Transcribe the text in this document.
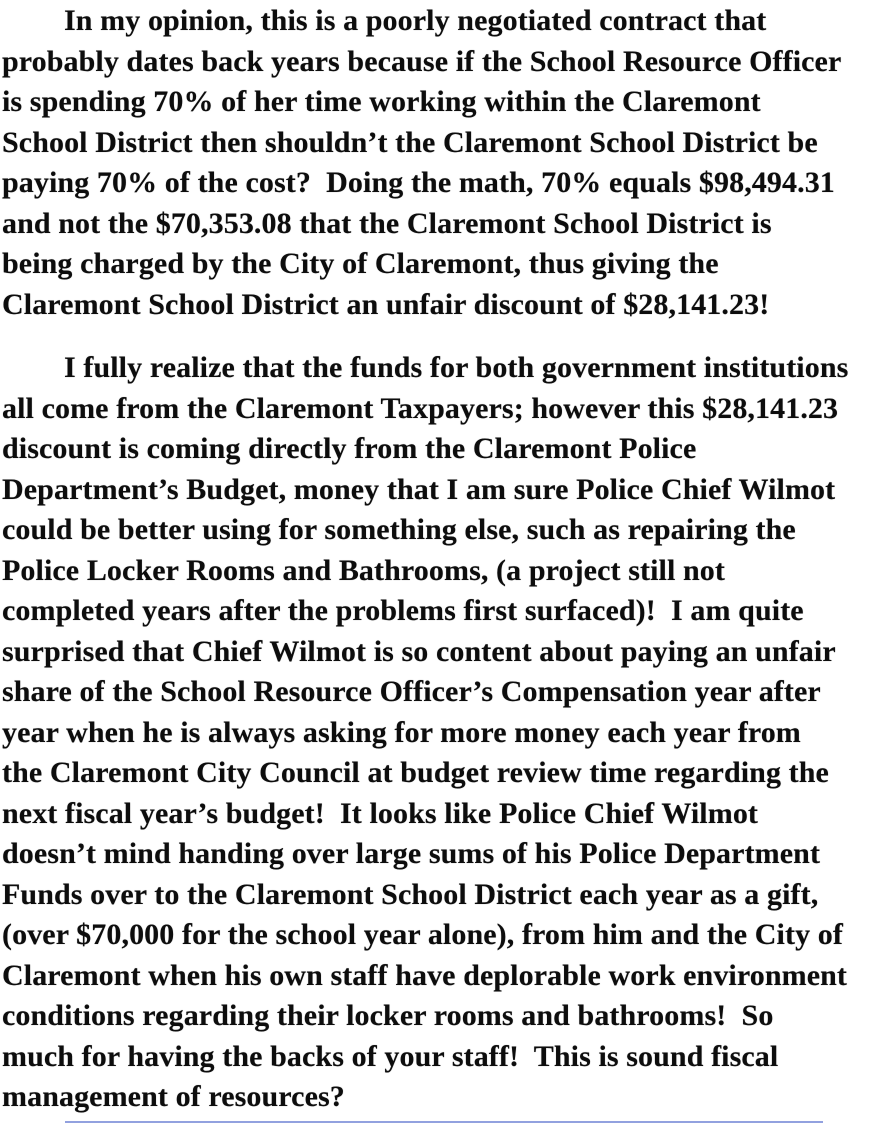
In my opinion, this is a poorly negotiated contract that
probably dates back years because if the School Resource Officer
is spending 70% of her time working within the Claremont
School District then shouldn’t the Claremont School District be
paying 70% of the cost?  Doing the math, 70% equals $98,494.31
and not the $70,353.08 that the Claremont School District is
being charged by the City of Claremont, thus giving the
Claremont School District an unfair discount of $28,141.23!

I fully realize that the funds for both government institutions
all come from the Claremont Taxpayers; however this $28,141.23
discount is coming directly from the Claremont Police
Department’s Budget, money that I am sure Police Chief Wilmot
could be better using for something else, such as repairing the
Police Locker Rooms and Bathrooms, (a project still not
completed years after the problems first surfaced)!  I am quite
surprised that Chief Wilmot is so content about paying an unfair
share of the School Resource Officer’s Compensation year after
year when he is always asking for more money each year from
the Claremont City Council at budget review time regarding the
next fiscal year’s budget!  It looks like Police Chief Wilmot
doesn’t mind handing over large sums of his Police Department
Funds over to the Claremont School District each year as a gift,
(over $70,000 for the school year alone), from him and the City of
Claremont when his own staff have deplorable work environment
conditions regarding their locker rooms and bathrooms!  So
much for having the backs of your staff!  This is sound fiscal
management of resources?
